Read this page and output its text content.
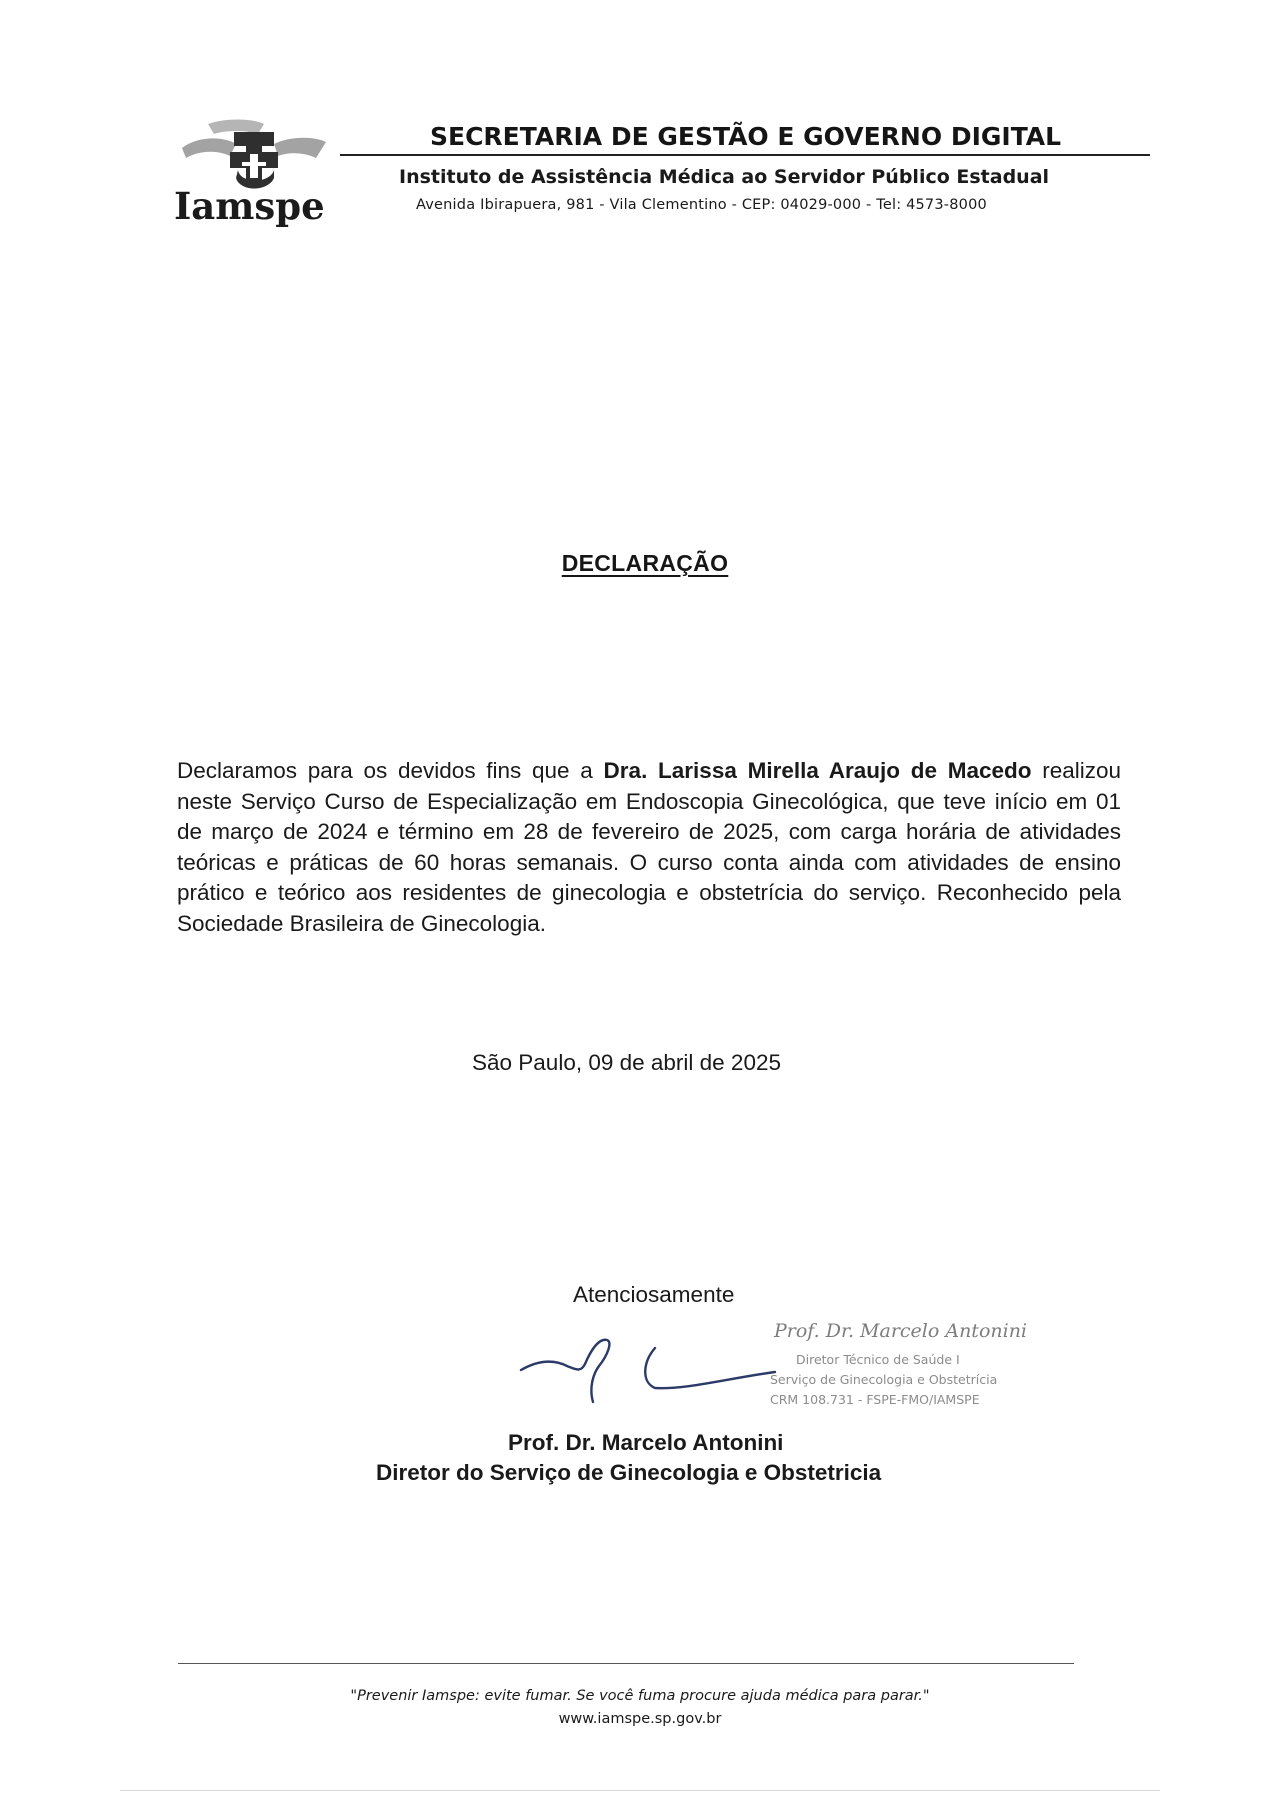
Iamspe
SECRETARIA DE GESTÃO E GOVERNO DIGITAL
Instituto de Assistência Médica ao Servidor Público Estadual
Avenida Ibirapuera, 981 - Vila Clementino - CEP: 04029-000 - Tel: 4573-8000
DECLARAÇÃO
Declaramos para os devidos fins que a Dra. Larissa Mirella Araujo de Macedo realizou neste Serviço Curso de Especialização em Endoscopia Ginecológica, que teve início em 01 de março de 2024 e término em 28 de fevereiro de 2025, com carga horária de atividades teóricas e práticas de 60 horas semanais. O curso conta ainda com atividades de ensino prático e teórico aos residentes de ginecologia e obstetrícia do serviço. Reconhecido pela Sociedade Brasileira de Ginecologia.
São Paulo, 09 de abril de 2025
Atenciosamente
Prof. Dr. Marcelo Antonini
Diretor Técnico de Saúde I
Serviço de Ginecologia e Obstetrícia
CRM 108.731 - FSPE-FMO/IAMSPE
Prof. Dr. Marcelo Antonini
Diretor do Serviço de Ginecologia e Obstetricia
"Prevenir Iamspe: evite fumar. Se você fuma procure ajuda médica para parar."
www.iamspe.sp.gov.br
